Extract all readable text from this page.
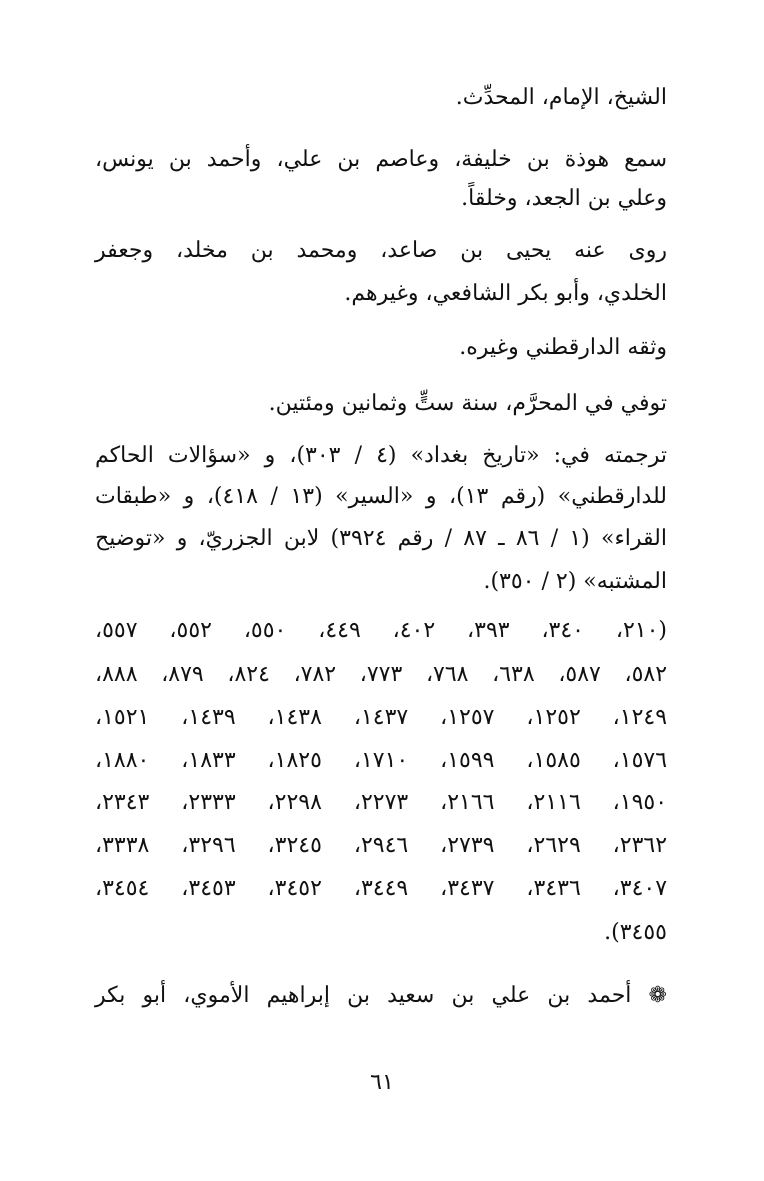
الشيخ، الإمام، المحدِّث.
سمع هوذة بن خليفة، وعاصم بن علي، وأحمد بن يونس،
وعلي بن الجعد، وخلقاً.
روى عنه يحيى بن صاعد، ومحمد بن مخلد، وجعفر
الخلدي، وأبو بكر الشافعي، وغيرهم.
وثقه الدارقطني وغيره.
توفي في المحرَّم، سنة ستٍّ وثمانين ومئتين.
ترجمته في: «تاريخ بغداد» (٤ / ٣٠٣)، و «سؤالات الحاكم
للدارقطني» (رقم ١٣)، و «السير» (١٣ / ٤١٨)، و «طبقات
القراء» (١ / ٨٦ ـ ٨٧ / رقم ٣٩٢٤) لابن الجزريّ، و «توضيح
المشتبه» (٢ / ٣٥٠).
(٢١٠، ٣٤٠، ٣٩٣، ٤٠٢، ٤٤٩، ٥٥٠، ٥٥٢، ٥٥٧،
٥٨٢، ٥٨٧، ٦٣٨، ٧٦٨، ٧٧٣، ٧٨٢، ٨٢٤، ٨٧٩، ٨٨٨،
١٢٤٩، ١٢٥٢، ١٢٥٧، ١٤٣٧، ١٤٣٨، ١٤٣٩، ١٥٢١،
١٥٧٦، ١٥٨٥، ١٥٩٩، ١٧١٠، ١٨٢٥، ١٨٣٣، ١٨٨٠،
١٩٥٠، ٢١١٦، ٢١٦٦، ٢٢٧٣، ٢٢٩٨، ٢٣٣٣، ٢٣٤٣،
٢٣٦٢، ٢٦٢٩، ٢٧٣٩، ٢٩٤٦، ٣٢٤٥، ٣٢٩٦، ٣٣٣٨،
٣٤٠٧، ٣٤٣٦، ٣٤٣٧، ٣٤٤٩، ٣٤٥٢، ٣٤٥٣، ٣٤٥٤،
٣٤٥٥).
❁ أحمد بن علي بن سعيد بن إبراهيم الأموي، أبو بكر
٦١
